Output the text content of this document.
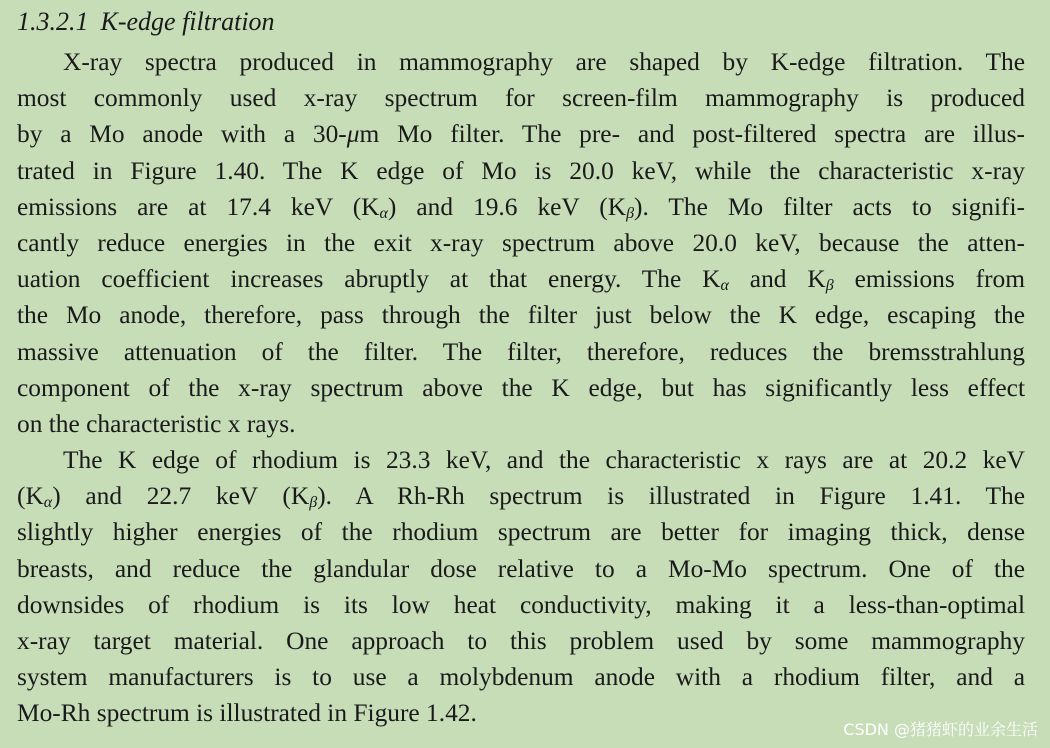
1.3.2.1 K-edge filtration
X-ray spectra produced in mammography are shaped by K-edge filtration. The
most commonly used x-ray spectrum for screen-film mammography is produced
by a Mo anode with a 30-μm Mo filter. The pre- and post-filtered spectra are illus-
trated in Figure 1.40. The K edge of Mo is 20.0 keV, while the characteristic x-ray
emissions are at 17.4 keV (Kα) and 19.6 keV (Kβ). The Mo filter acts to signifi-
cantly reduce energies in the exit x-ray spectrum above 20.0 keV, because the atten-
uation coefficient increases abruptly at that energy. The Kα and Kβ emissions from
the Mo anode, therefore, pass through the filter just below the K edge, escaping the
massive attenuation of the filter. The filter, therefore, reduces the bremsstrahlung
component of the x-ray spectrum above the K edge, but has significantly less effect
on the characteristic x rays.
The K edge of rhodium is 23.3 keV, and the characteristic x rays are at 20.2 keV
(Kα) and 22.7 keV (Kβ). A Rh-Rh spectrum is illustrated in Figure 1.41. The
slightly higher energies of the rhodium spectrum are better for imaging thick, dense
breasts, and reduce the glandular dose relative to a Mo-Mo spectrum. One of the
downsides of rhodium is its low heat conductivity, making it a less-than-optimal
x-ray target material. One approach to this problem used by some mammography
system manufacturers is to use a molybdenum anode with a rhodium filter, and a
Mo-Rh spectrum is illustrated in Figure 1.42.
CSDN @猪猪虾的业余生活
